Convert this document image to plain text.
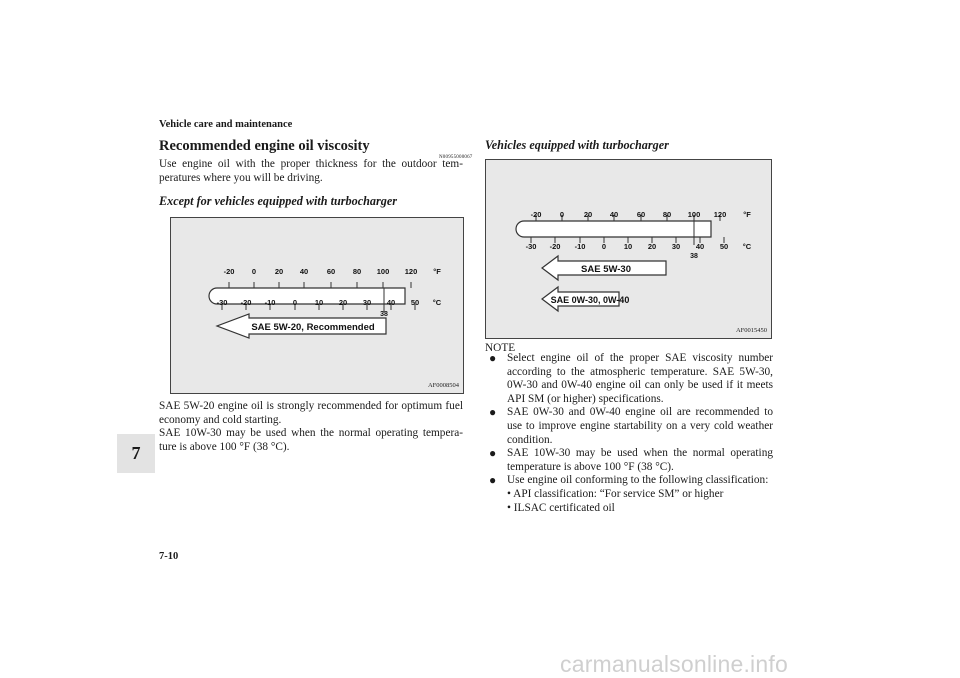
Vehicle care and maintenance
Recommended engine oil viscosity
N00955000067
Use engine oil with the proper thickness for the outdoor tem-peratures where you will be driving.
Except for vehicles equipped with turbocharger
-20 0 20 40 60 80 100 120 °F
-30 -20 -10 0 10 20 30 40 50 °C
38
SAE 5W-20, Recommended
AF0008504
SAE 5W-20 engine oil is strongly recommended for optimum fuel economy and cold starting.
SAE 10W-30 may be used when the normal operating tempera-ture is above 100 °F (38 °C).
Vehicles equipped with turbocharger
-20 0	20 40 60 80 100 120 °F
-30 -20 -10 0 10 20 30 40 50 °C
38
SAE 5W-30
SAE 0W-30, 0W-40
AF0015450
NOTE
● Select engine oil of the proper SAE viscosity number according to the atmospheric temperature. SAE 5W-30, 0W-30 and 0W-40 engine oil can only be used if it meets API SM (or higher) specifications.
● SAE 0W-30 and 0W-40 engine oil are recommended to use to improve engine startability on a very cold weather condition.
● SAE 10W-30 may be used when the normal operating temperature is above 100 °F (38 °C).
● Use engine oil conforming to the following classification:
• API classification: “For service SM” or higher
• ILSAC certificated oil
7
7-10
carmanualsonline.info
